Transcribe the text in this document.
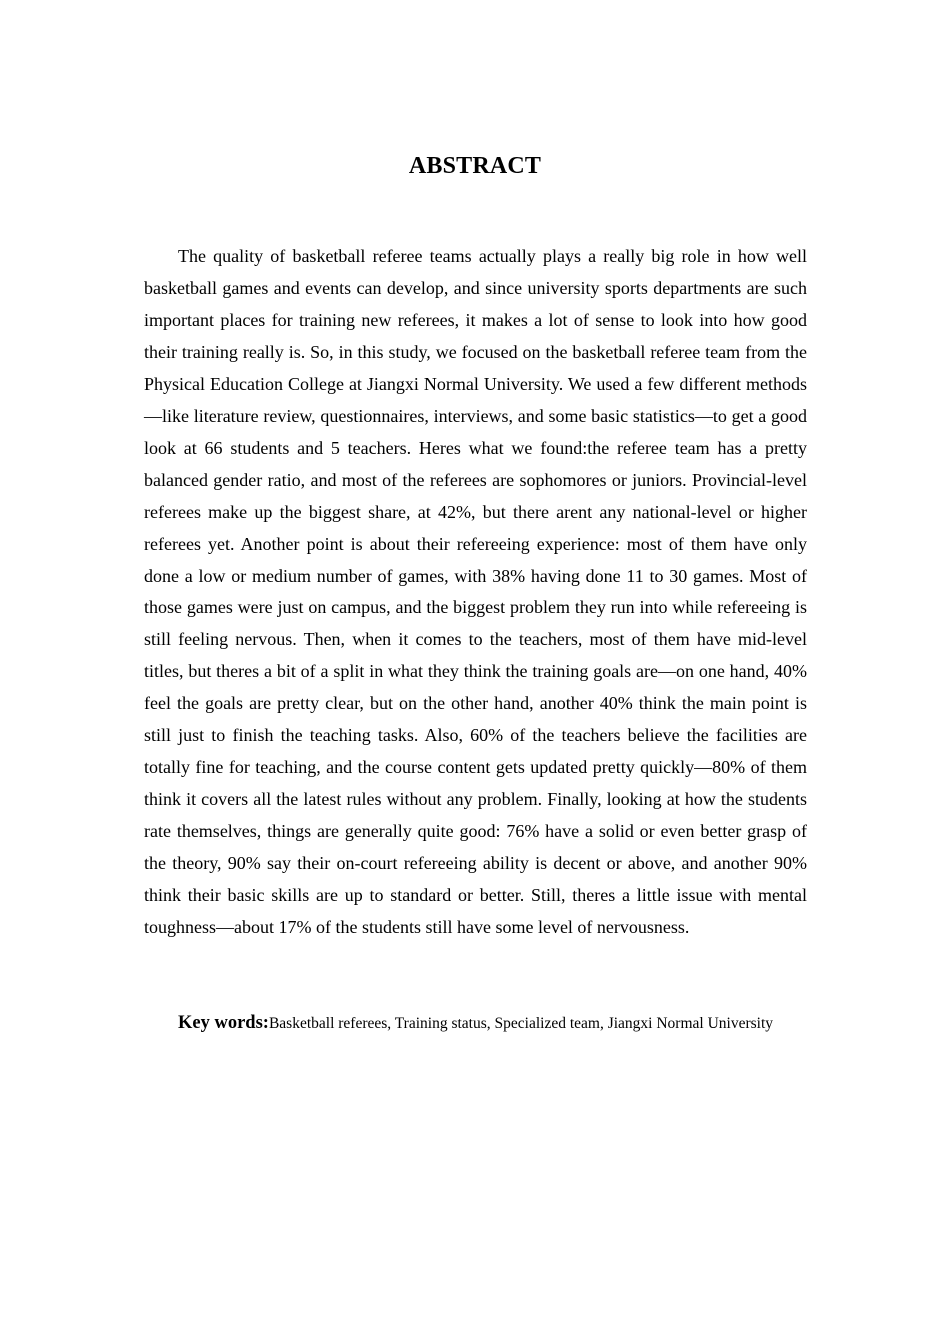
ABSTRACT

The quality of basketball referee teams actually plays a really big role in how well basketball games and events can develop, and since university sports departments are such important places for training new referees, it makes a lot of sense to look into how good their training really is. So, in this study, we focused on the basketball referee team from the Physical Education College at Jiangxi Normal University. We used a few different methods—like literature review, questionnaires, interviews, and some basic statistics—to get a good look at 66 students and 5 teachers. Heres what we found:the referee team has a pretty balanced gender ratio, and most of the referees are sophomores or juniors. Provincial-level referees make up the biggest share, at 42%, but there arent any national-level or higher referees yet. Another point is about their refereeing experience: most of them have only done a low or medium number of games, with 38% having done 11 to 30 games. Most of those games were just on campus, and the biggest problem they run into while refereeing is still feeling nervous. Then, when it comes to the teachers, most of them have mid-level titles, but theres a bit of a split in what they think the training goals are—on one hand, 40% feel the goals are pretty clear, but on the other hand, another 40% think the main point is still just to finish the teaching tasks. Also, 60% of the teachers believe the facilities are totally fine for teaching, and the course content gets updated pretty quickly—80% of them think it covers all the latest rules without any problem. Finally, looking at how the students rate themselves, things are generally quite good: 76% have a solid or even better grasp of the theory, 90% say their on-court refereeing ability is decent or above, and another 90% think their basic skills are up to standard or better. Still, theres a little issue with mental toughness—about 17% of the students still have some level of nervousness.

Key words:Basketball referees, Training status, Specialized team, Jiangxi Normal University
